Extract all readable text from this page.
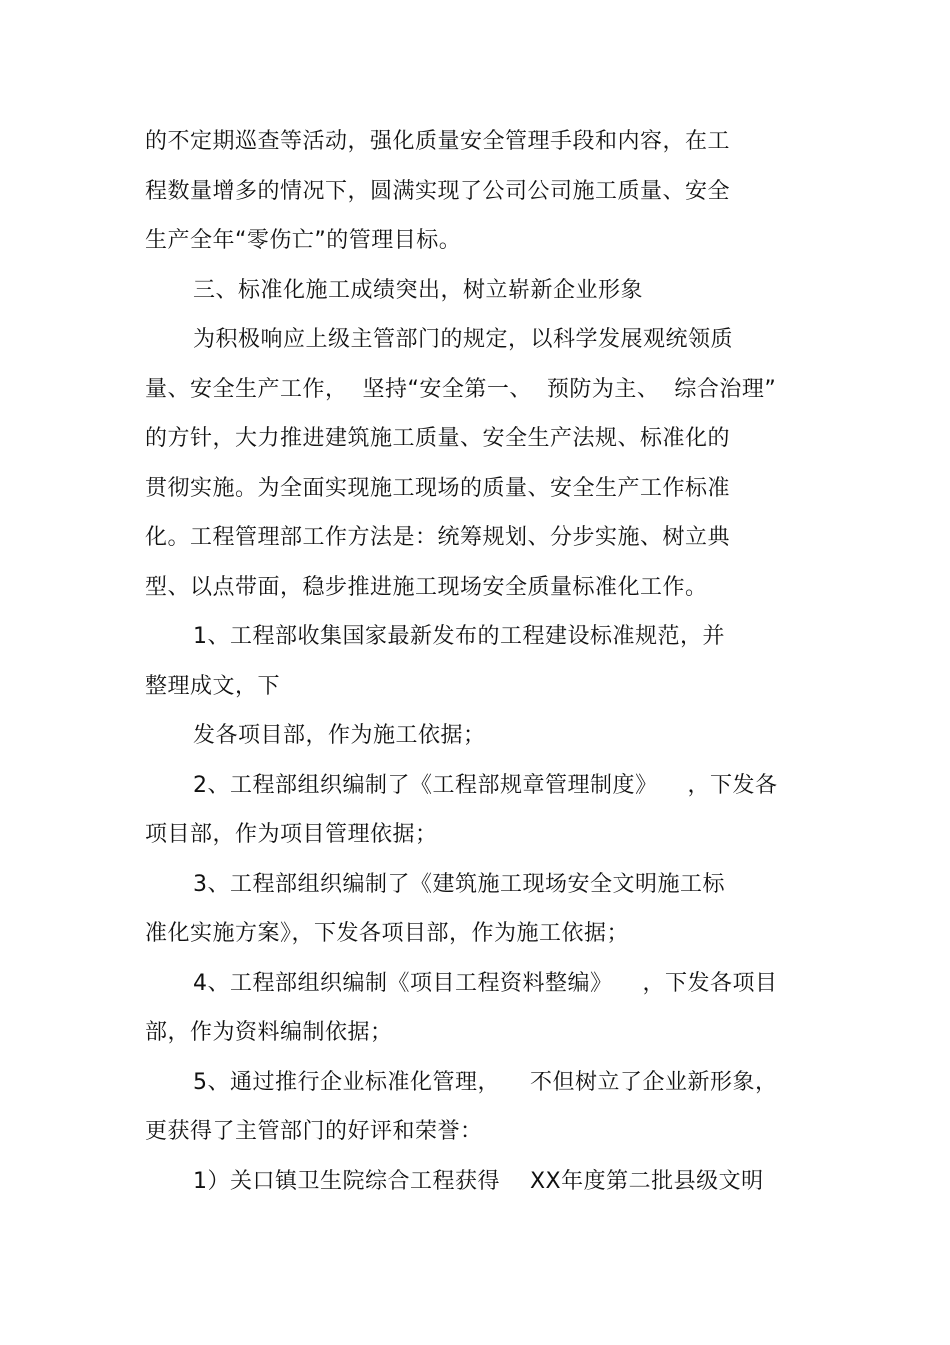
的不定期巡查等活动，强化质量安全管理手段和内容，在工
程数量增多的情况下，圆满实现了公司公司施工质量、安全
生产全年“零伤亡”的管理目标。
三、标准化施工成绩突出，树立崭新企业形象
为积极响应上级主管部门的规定，以科学发展观统领质
量、安全生产工作，  坚持“安全第一、  预防为主、  综合治理”
的方针，大力推进建筑施工质量、安全生产法规、标准化的
贯彻实施。为全面实现施工现场的质量、安全生产工作标准
化。工程管理部工作方法是：统筹规划、分步实施、树立典
型、以点带面，稳步推进施工现场安全质量标准化工作。
1、工程部收集国家最新发布的工程建设标准规范，并
整理成文，下
发各项目部，作为施工依据；
2、工程部组织编制了《工程部规章管理制度》    ，下发各
项目部，作为项目管理依据；
3、工程部组织编制了《建筑施工现场安全文明施工标
准化实施方案》，下发各项目部，作为施工依据；
4、工程部组织编制《项目工程资料整编》    ，下发各项目
部，作为资料编制依据；
5、通过推行企业标准化管理，    不但树立了企业新形象，
更获得了主管部门的好评和荣誉：
1）关口镇卫生院综合工程获得    XX年度第二批县级文明
